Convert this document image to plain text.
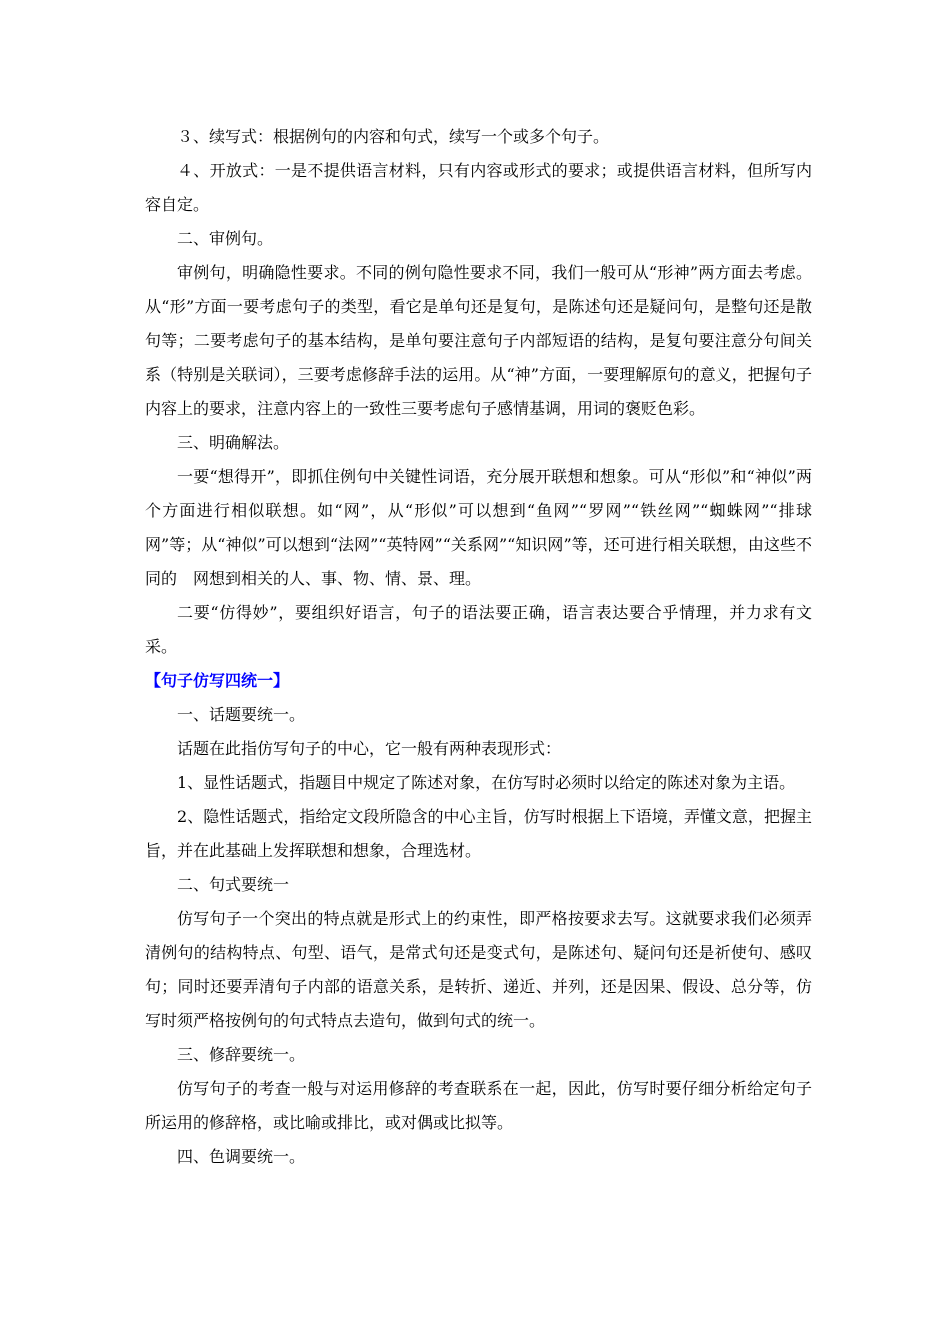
３、续写式：根据例句的内容和句式，续写一个或多个句子。

４、开放式：一是不提供语言材料，只有内容或形式的要求；或提供语言材料，但所写内容自定。

二、审例句。

审例句，明确隐性要求。不同的例句隐性要求不同，我们一般可从“形神”两方面去考虑。从“形”方面一要考虑句子的类型，看它是单句还是复句，是陈述句还是疑问句，是整句还是散句等；二要考虑句子的基本结构，是单句要注意句子内部短语的结构，是复句要注意分句间关系（特别是关联词），三要考虑修辞手法的运用。从“神”方面，一要理解原句的意义，把握句子内容上的要求，注意内容上的一致性三要考虑句子感情基调，用词的褒贬色彩。

三、明确解法。

一要“想得开”，即抓住例句中关键性词语，充分展开联想和想象。可从“形似”和“神似”两个方面进行相似联想。如“网”，从“形似”可以想到“鱼网”“罗网”“铁丝网”“蜘蛛网”“排球网”等；从“神似”可以想到“法网”“英特网”“关系网”“知识网”等，还可进行相关联想，由这些不同的　网想到相关的人、事、物、情、景、理。

二要“仿得妙”，要组织好语言，句子的语法要正确，语言表达要合乎情理，并力求有文采。

【句子仿写四统一】

一、话题要统一。

话题在此指仿写句子的中心，它一般有两种表现形式：

1、显性话题式，指题目中规定了陈述对象，在仿写时必须时以给定的陈述对象为主语。

2、隐性话题式，指给定文段所隐含的中心主旨，仿写时根据上下语境，弄懂文意，把握主旨，并在此基础上发挥联想和想象，合理选材。

二、句式要统一

仿写句子一个突出的特点就是形式上的约束性，即严格按要求去写。这就要求我们必须弄清例句的结构特点、句型、语气，是常式句还是变式句，是陈述句、疑问句还是祈使句、感叹句；同时还要弄清句子内部的语意关系，是转折、递近、并列，还是因果、假设、总分等，仿写时须严格按例句的句式特点去造句，做到句式的统一。

三、修辞要统一。

仿写句子的考查一般与对运用修辞的考查联系在一起，因此，仿写时要仔细分析给定句子所运用的修辞格，或比喻或排比，或对偶或比拟等。

四、色调要统一。
